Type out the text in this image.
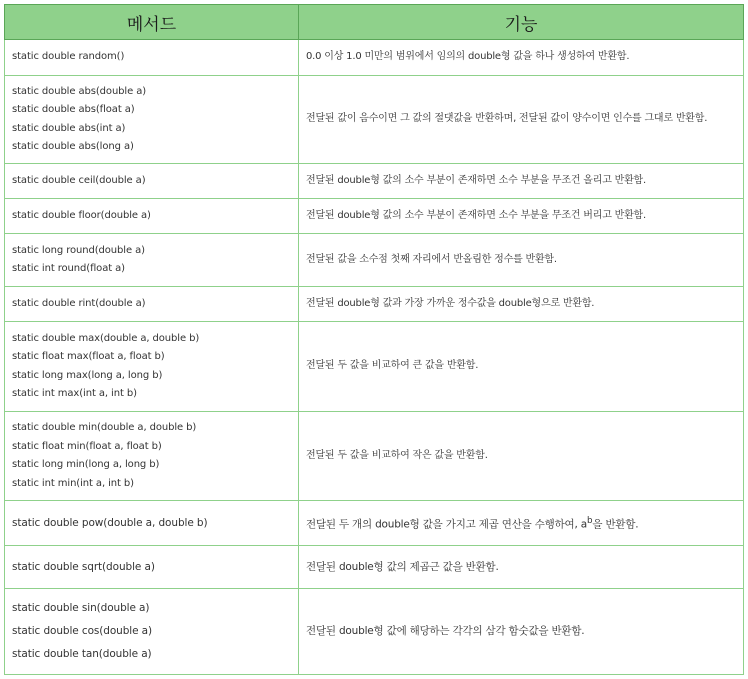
메서드	기능

static double random()	0.0 이상 1.0 미만의 범위에서 임의의 double형 값을 하나 생성하여 반환함.

static double abs(double a)
static double abs(float a)
static double abs(int a)
static double abs(long a)	전달된 값이 음수이면 그 값의 절댓값을 반환하며, 전달된 값이 양수이면 인수를 그대로 반환함.

static double ceil(double a)	전달된 double형 값의 소수 부분이 존재하면 소수 부분을 무조건 올리고 반환함.

static double floor(double a)	전달된 double형 값의 소수 부분이 존재하면 소수 부분을 무조건 버리고 반환함.

static long round(double a)
static int round(float a)	전달된 값을 소수점 첫째 자리에서 반올림한 정수를 반환함.

static double rint(double a)	전달된 double형 값과 가장 가까운 정수값을 double형으로 반환함.

static double max(double a, double b)
static float max(float a, float b)
static long max(long a, long b)
static int max(int a, int b)	전달된 두 값을 비교하여 큰 값을 반환함.

static double min(double a, double b)
static float min(float a, float b)
static long min(long a, long b)
static int min(int a, int b)	전달된 두 값을 비교하여 작은 값을 반환함.

static double pow(double a, double b)	전달된 두 개의 double형 값을 가지고 제곱 연산을 수행하여, $a^b$을 반환함.

static double sqrt(double a)	전달된 double형 값의 제곱근 값을 반환함.

static double sin(double a)
static double cos(double a)
static double tan(double a)	전달된 double형 값에 해당하는 각각의 삼각 함숫값을 반환함.
